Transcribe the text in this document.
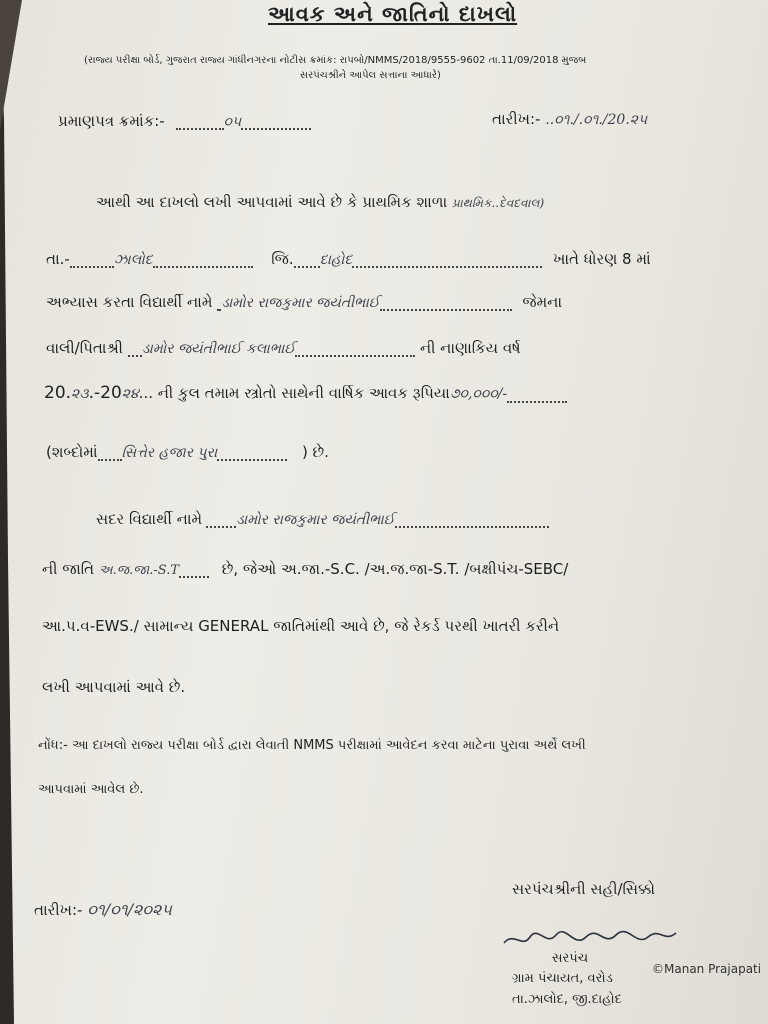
આવક અને જાતિનો દાખલો
(રાજ્ય પરીક્ષા બોર્ડ, ગુજરાત રાજ્ય ગાંધીનગરના નોટીસ ક્રમાંક: રાપબો/NMMS/2018/9555-9602 તા.11/09/2018 મુજબ
સરપંચશ્રીને આપેલ સત્તાના આધારે)
પ્રમાણપત્ર ક્રમાંક:-	૦૫	તારીખ:- ..૦૧./.૦૧./20.૨૫
આથી આ દાખલો લખી આપવામાં આવે છે કે પ્રાથમિક શાળા પ્રાથમિક..દેવદવાલ)
તા.-	ઝાલોદ	જિ. દાહોદ	ખાતે ધોરણ 8 માં
અભ્યાસ કરતા વિદ્યાર્થી નામે ડામોર રાજકુમાર જયંતીભાઈ	જેમના
વાલી/પિતાશ્રી ડામોર જયંતીભાઈ કલાભાઈ	ની નાણાકિય વર્ષ
20.૨૩.-20૨૪... ની કુલ તમામ સ્ત્રોતો સાથેની વાર્ષિક આવક રૂપિયા૭૦,૦૦૦/-
(શબ્દોમાં સિત્તેર હજાર પુરા	) છે.
સદર વિદ્યાર્થી નામે ડામોર રાજકુમાર જયંતીભાઈ
ની જાતિ અ.જ.જા.-S.T	છે, જેઓ અ.જા.-S.C. /અ.જ.જા-S.T. /બક્ષીપંચ-SEBC/
આ.પ.વ-EWS./ સામાન્ય GENERAL જાતિમાંથી આવે છે, જે રેકર્ડ પરથી ખાતરી કરીને
લખી આપવામાં આવે છે.
નોંધ:- આ દાખલો રાજ્ય પરીક્ષા બોર્ડ દ્વારા લેવાતી NMMS પરીક્ષામાં આવેદન કરવા માટેના પુરાવા અર્થે લખી
આપવામાં આવેલ છે.
તારીખ:- ૦૧/૦૧/૨૦૨૫
સરપંચશ્રીની સહી/સિક્કો
સરપંચ
ગ્રામ પંચાયત, વરોડ
તા.ઝાલોદ, જી.દાહોદ
©Manan Prajapati
